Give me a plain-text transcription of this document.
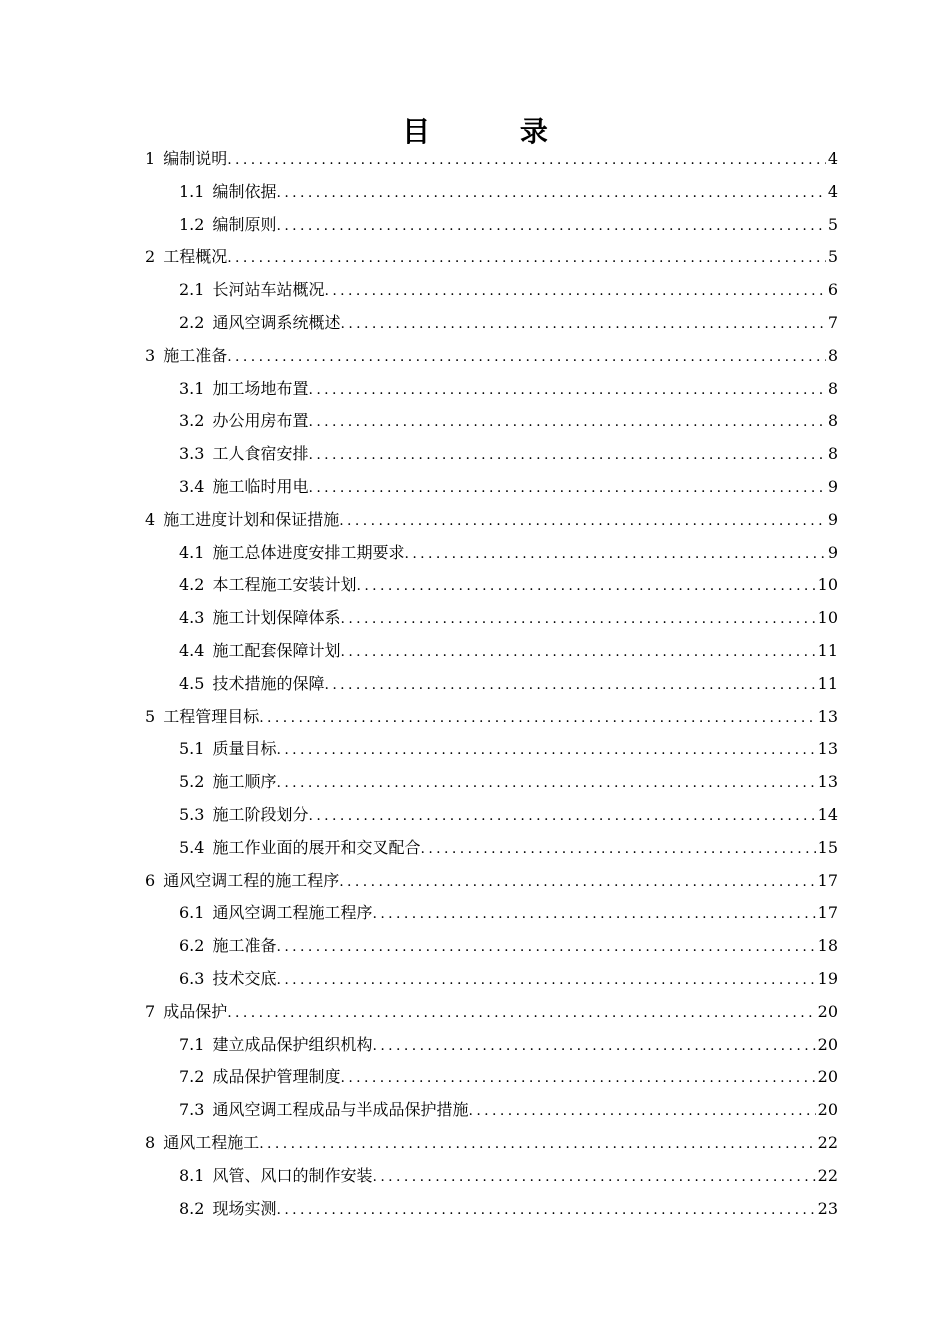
目 录
1 编制说明 .....	4
1.1 编制依据 .....	4
1.2 编制原则 .....	5
2 工程概况 .....	5
2.1 长河站车站概况 .....	6
2.2 通风空调系统概述 .....	7
3 施工准备 .....	8
3.1 加工场地布置 .....	8
3.2 办公用房布置 .....	8
3.3 工人食宿安排 .....	8
3.4 施工临时用电 .....	9
4 施工进度计划和保证措施 .....	9
4.1 施工总体进度安排工期要求 .....	9
4.2 本工程施工安装计划 .....	10
4.3 施工计划保障体系 .....	10
4.4 施工配套保障计划 .....	11
4.5 技术措施的保障 .....	11
5 工程管理目标 .....	13
5.1 质量目标 .....	13
5.2 施工顺序 .....	13
5.3 施工阶段划分 .....	14
5.4 施工作业面的展开和交叉配合 .....	15
6 通风空调工程的施工程序 .....	17
6.1 通风空调工程施工程序 .....	17
6.2 施工准备 .....	18
6.3 技术交底 .....	19
7 成品保护 .....	20
7.1 建立成品保护组织机构 .....	20
7.2 成品保护管理制度 .....	20
7.3 通风空调工程成品与半成品保护措施 .....	20
8 通风工程施工 .....	22
8.1 风管、风口的制作安装 .....	22
8.2 现场实测 .....	23
